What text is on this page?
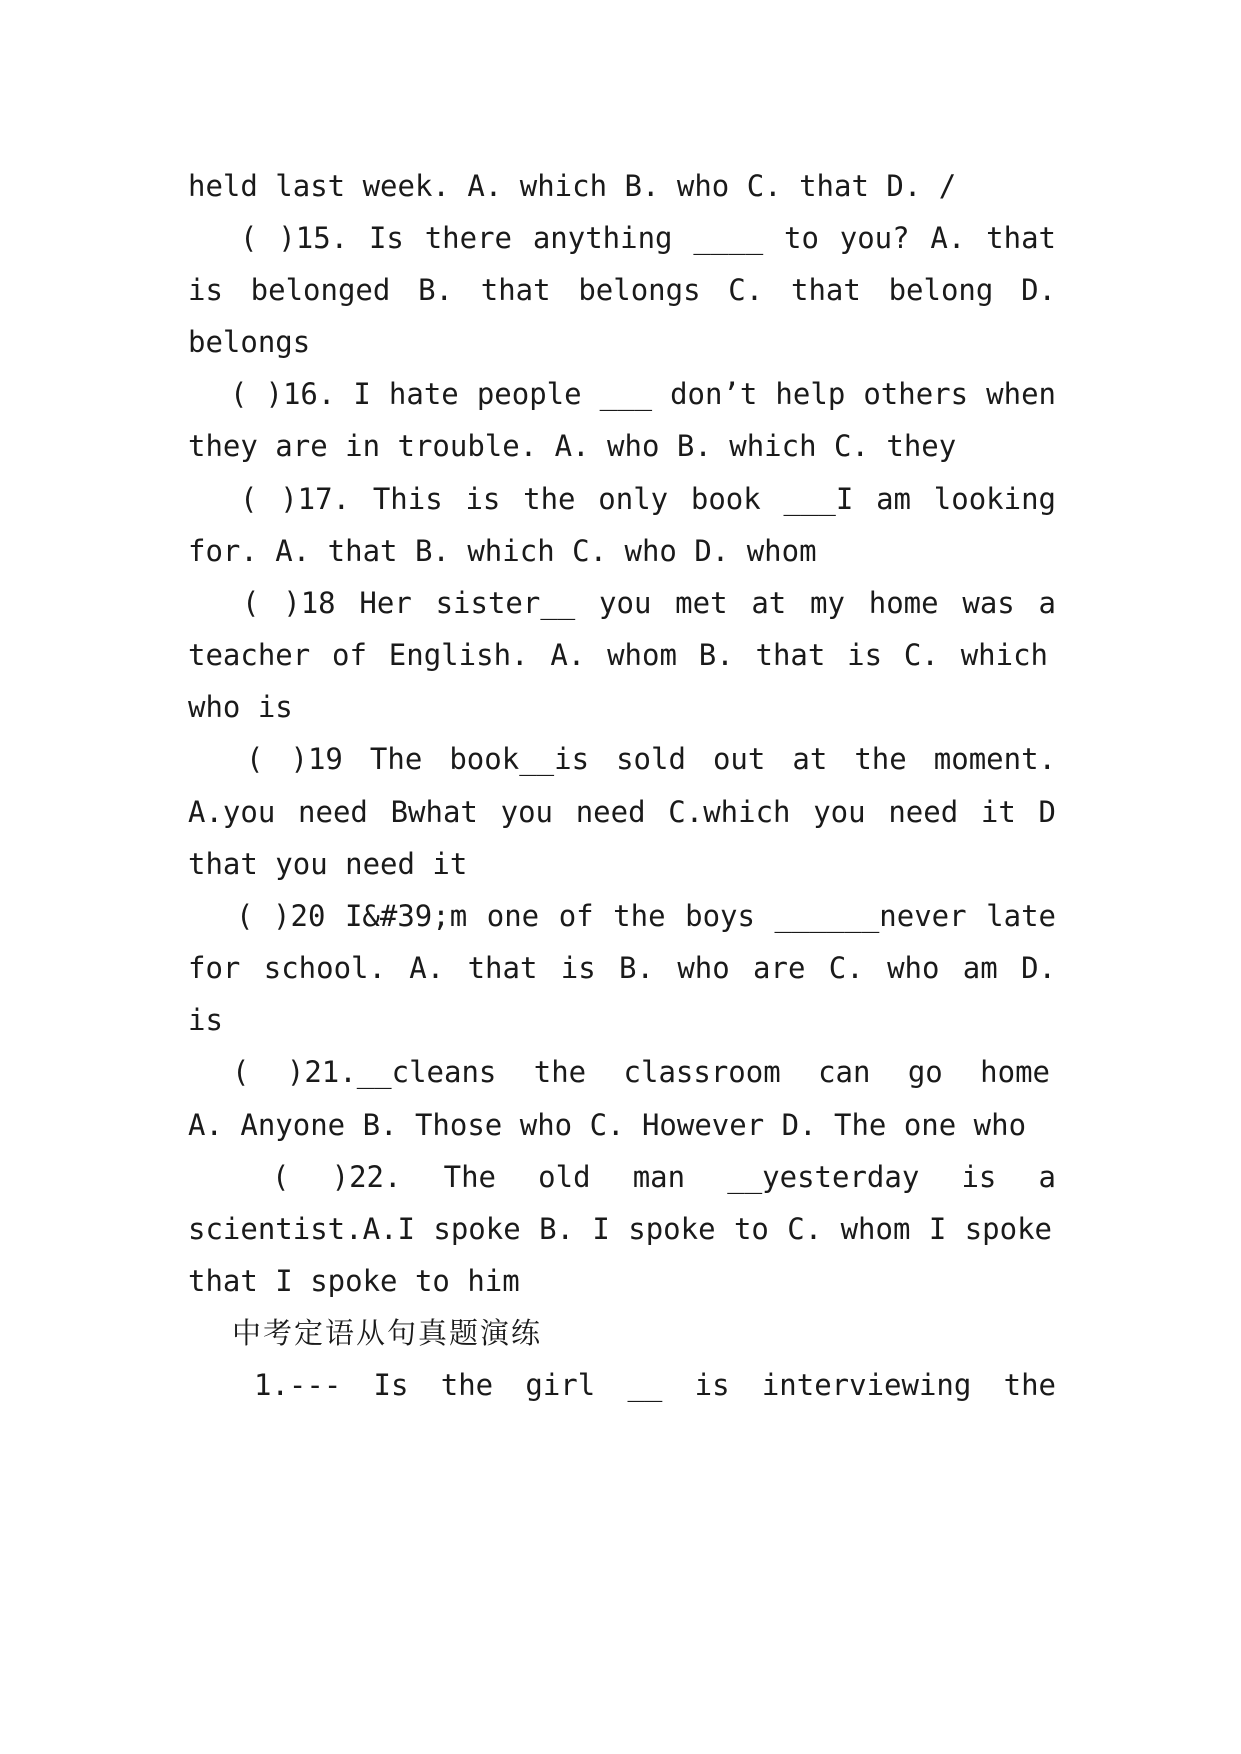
held last week. A. which B. who C. that D. /
( )15. Is there anything ____ to you? A. that
is belonged B. that belongs C. that belong D.
belongs
( )16. I hate people ___ don’t help others when
they are in trouble. A. who B. which C. they
( )17. This is the only book ___I am looking
for. A. that B. which C. who D. whom
( )18 Her sister__ you met at my home was a
teacher of English. A. whom B. that is C. which
who is
( )19 The book__is sold out at the moment.
A.you need Bwhat you need C.which you need it D
that you need it
( )20 I&#39;m one of the boys ______never late
for school. A. that is B. who are C. who am D.
is
( )21.__cleans the classroom can go home
A. Anyone B. Those who C. However D. The one who
( )22. The old man __yesterday is a
scientist.A.I spoke B. I spoke to C. whom I spoke
that I spoke to him
中考定语从句真题演练
1.--- Is the girl __ is interviewing the
